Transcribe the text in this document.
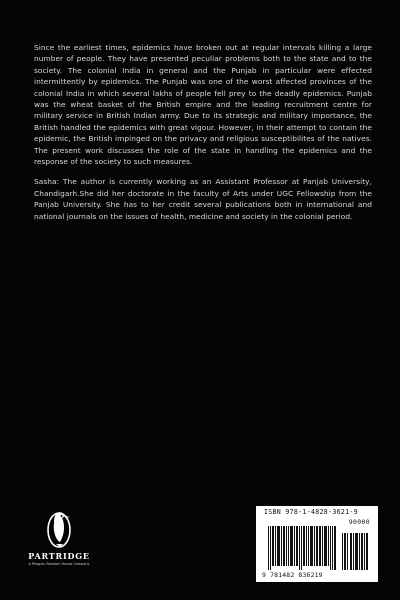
Since the earliest times, epidemics have broken out at regular intervals killing a large number of people. They have presented peculiar problems both to the state and to the society. The colonial India in general and the Punjab in particular were effected intermittently by epidemics. The Punjab was one of the worst affected provinces of the colonial India in which several lakhs of people fell prey to the deadly epidemics. Punjab was the wheat basket of the British empire and the leading recruitment centre for military service in British Indian army. Due to its strategic and military importance, the British handled the epidemics with great vigour. However, in their attempt to contain the epidemic, the British impinged on the privacy and religious susceptibilites of the natives. The present work discusses the role of the state in handling the epidemics and the response of the society to such measures.

Sasha: The author is currently working as an Assistant Professor at Panjab University, Chandigarh.She did her doctorate in the faculty of Arts under UGC Fellowship from the Panjab University. She has to her credit several publications both in international and national journals on the issues of health, medicine and society in the colonial period.

PARTRIDGE
A Penguin Random House Company
ISBN 978-1-4828-3621-9
90000
9 781482 836219
